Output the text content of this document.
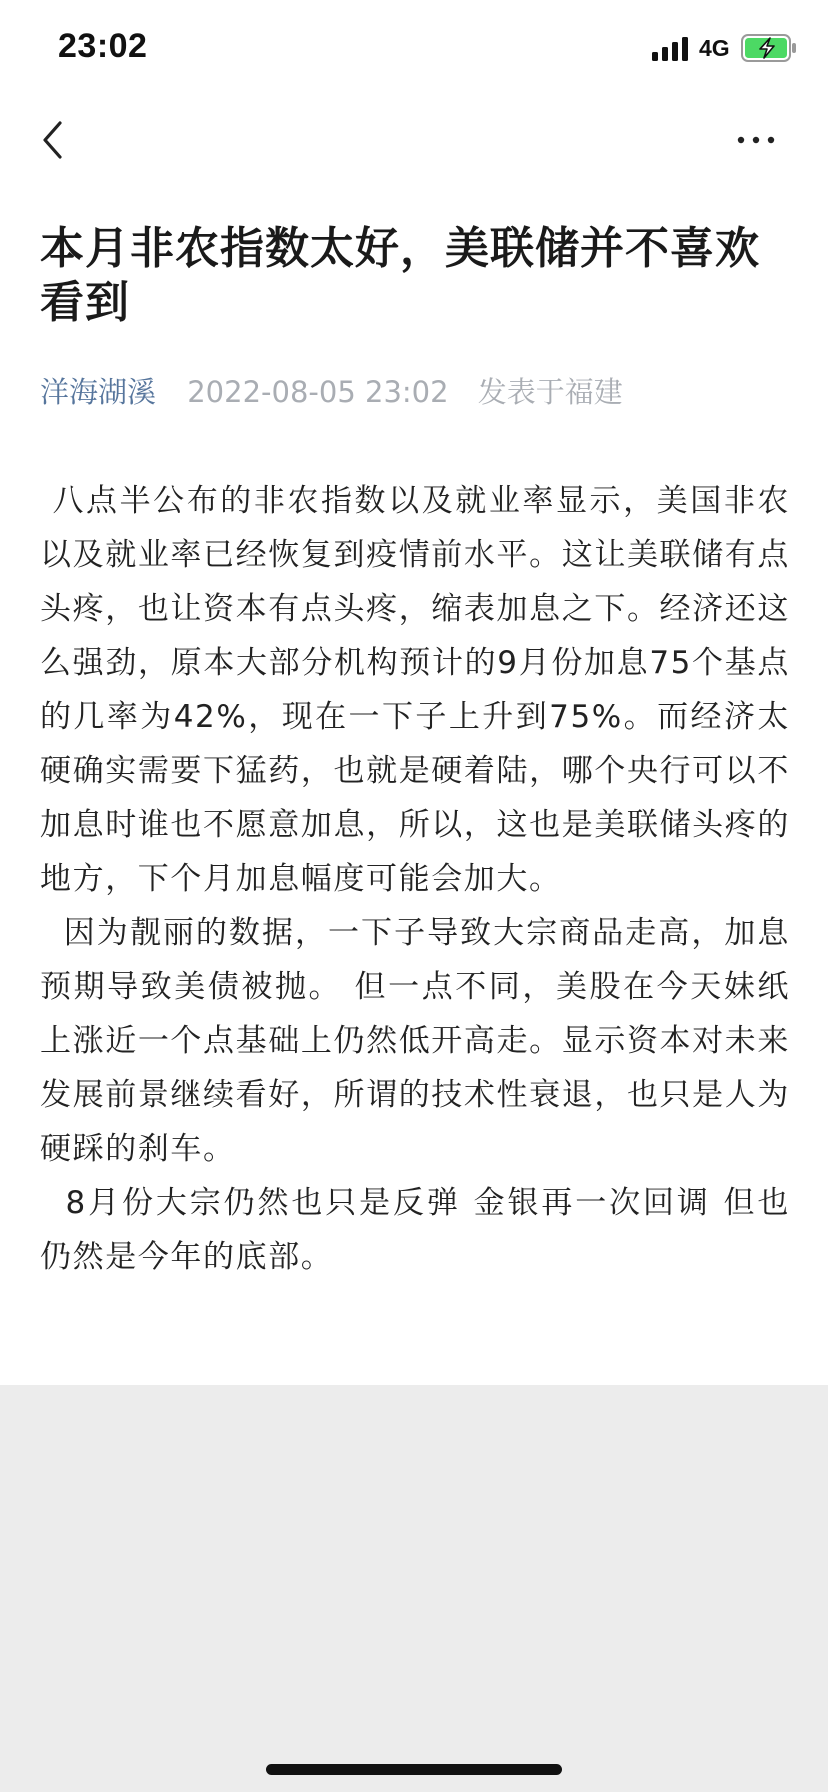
23:02	4G
本月非农指数太好，美联储并不喜欢看到
洋海湖溪 2022-08-05 23:02 发表于福建

八点半公布的非农指数以及就业率显示，美国非农以及就业率已经恢复到疫情前水平。这让美联储有点头疼，也让资本有点头疼，缩表加息之下。经济还这么强劲，原本大部分机构预计的9月份加息75个基点的几率为42%，现在一下子上升到75%。而经济太硬确实需要下猛药，也就是硬着陆，哪个央行可以不加息时谁也不愿意加息，所以，这也是美联储头疼的地方，下个月加息幅度可能会加大。

因为靓丽的数据，一下子导致大宗商品走高，加息预期导致美债被抛。 但一点不同，美股在今天妹纸上涨近一个点基础上仍然低开高走。显示资本对未来发展前景继续看好，所谓的技术性衰退，也只是人为硬踩的刹车。

8月份大宗仍然也只是反弹 金银再一次回调 但也仍然是今年的底部。
